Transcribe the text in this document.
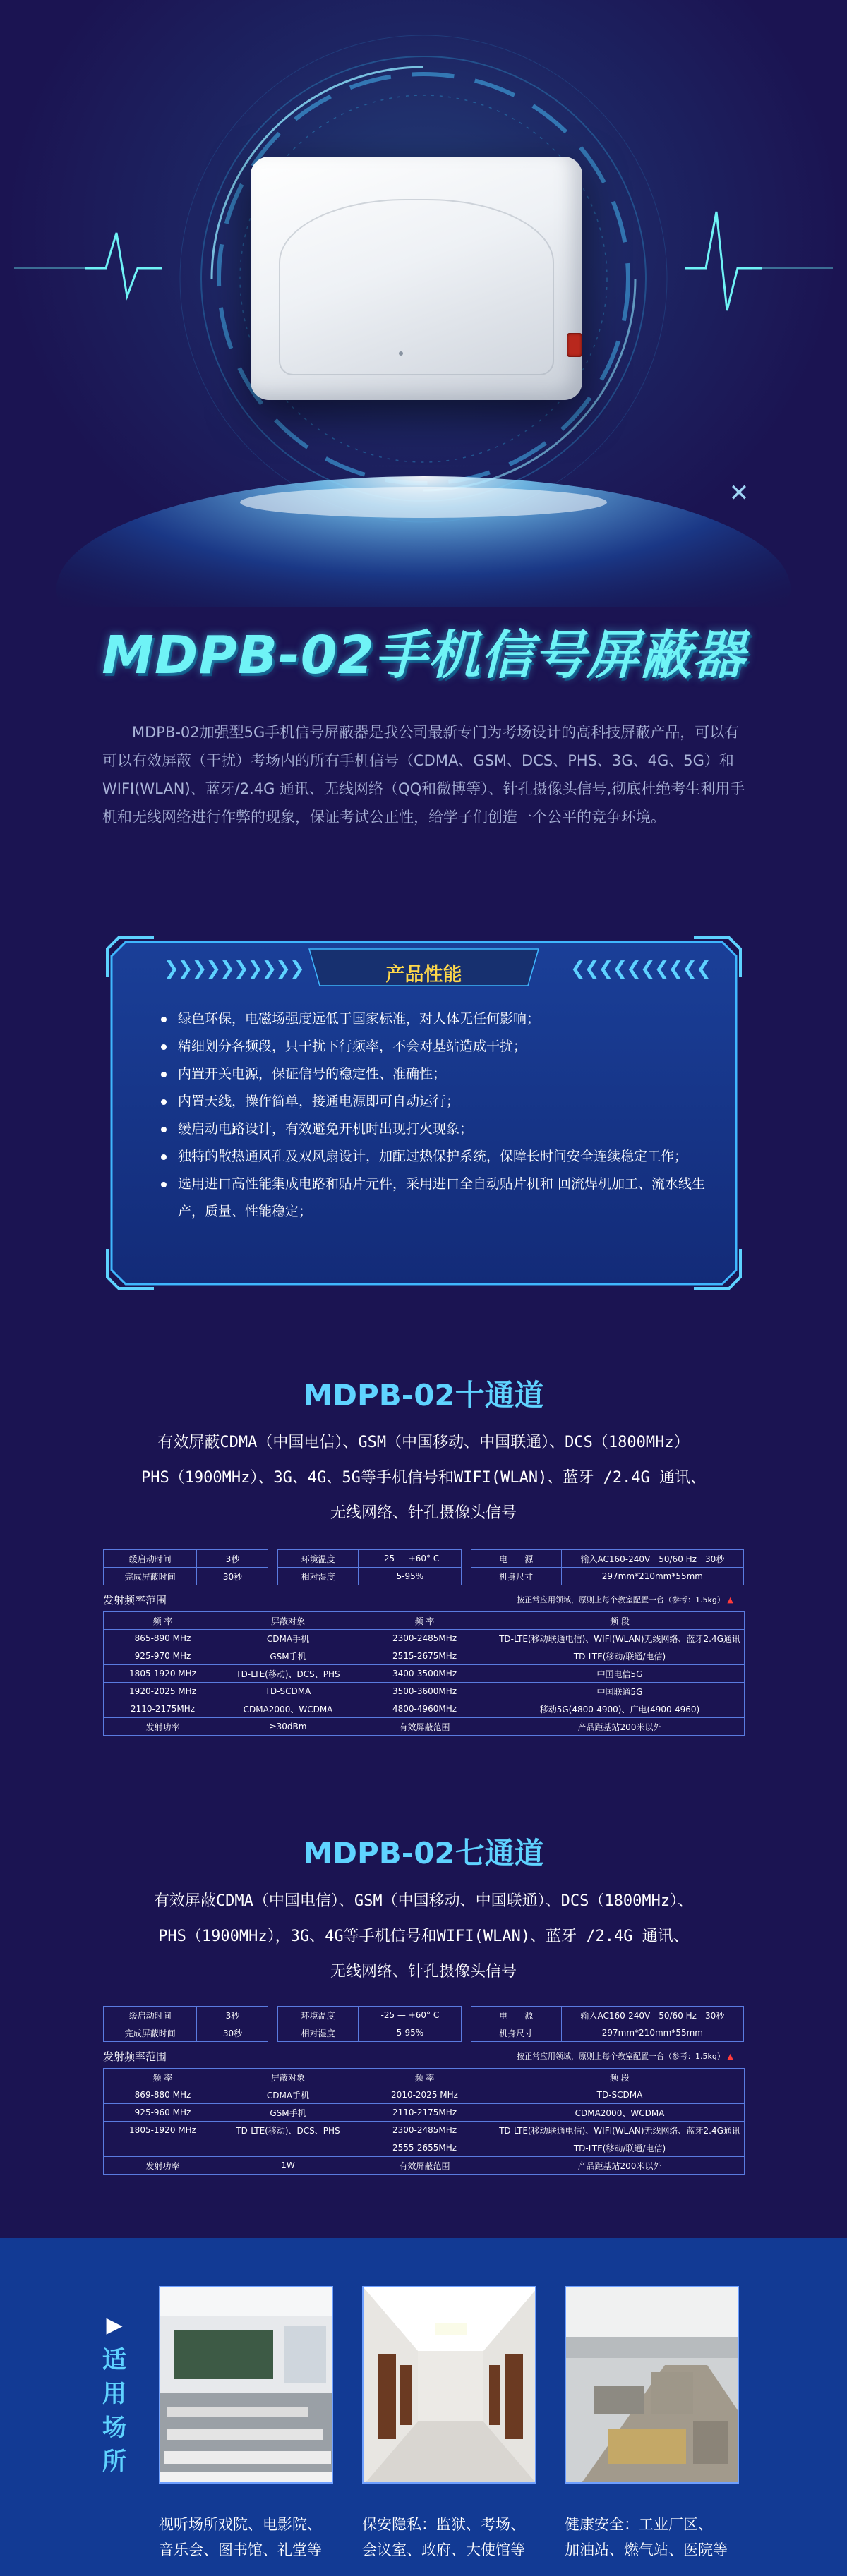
✕
MDPB-02手机信号屏蔽器

MDPB-02加强型5G手机信号屏蔽器是我公司最新专门为考场设计的高科技屏蔽产品，可以有可以有效屏蔽（干扰）考场内的所有手机信号（CDMA、GSM、DCS、PHS、3G、4G、5G）和WIFI(WLAN)、蓝牙/2.4G 通讯、无线网络（QQ和微博等）、针孔摄像头信号,彻底杜绝考生利用手机和无线网络进行作弊的现象，保证考试公正性，给学子们创造一个公平的竞争环境。

❯❯❯❯❯❯❯❯❯❯	❮❮❮❮❮❮❮❮❮❮
产品性能
绿色环保，电磁场强度远低于国家标准，对人体无任何影响；
精细划分各频段，只干扰下行频率，不会对基站造成干扰；
内置开关电源，保证信号的稳定性、准确性；
内置天线，操作简单，接通电源即可自动运行；
缓启动电路设计，有效避免开机时出现打火现象；
独特的散热通风孔及双风扇设计，加配过热保护系统，保障长时间安全连续稳定工作；
选用进口高性能集成电路和贴片元件，采用进口全自动贴片机和 回流焊机加工、流水线生产，质量、性能稳定；
MDPB-02十通道
有效屏蔽CDMA（中国电信）、GSM（中国移动、中国联通）、DCS（1800MHz）
PHS（1900MHz）、3G、4G、5G等手机信号和WIFI(WLAN)、蓝牙 /2.4G 通讯、
无线网络、针孔摄像头信号
缓启动时间	3秒		环境温度	-25 — +60° C		电　　源	输入AC160-240V　50/60 Hz　30秒
完成屏蔽时间	30秒		相对湿度	5-95%		机身尺寸	297mm*210mm*55mm
发射频率范围	按正常应用领域，原则上每个教室配置一台（参考：1.5kg） ▲
频 率	屏蔽对象	频 率	频 段
865-890 MHz	CDMA手机	2300-2485MHz	TD-LTE(移动联通电信)、WIFI(WLAN)无线网络、蓝牙2.4G通讯
925-970 MHz	GSM手机	2515-2675MHz	TD-LTE(移动/联通/电信)
1805-1920 MHz	TD-LTE(移动)、DCS、PHS	3400-3500MHz	中国电信5G
1920-2025 MHz	TD-SCDMA	3500-3600MHz	中国联通5G
2110-2175MHz	CDMA2000、WCDMA	4800-4960MHz	移动5G(4800-4900)、广电(4900-4960)
发射功率	≥30dBm	有效屏蔽范围	产品距基站200米以外
MDPB-02七通道
有效屏蔽CDMA（中国电信）、GSM（中国移动、中国联通）、DCS（1800MHz）、
PHS（1900MHz），3G、4G等手机信号和WIFI(WLAN)、蓝牙 /2.4G 通讯、
无线网络、针孔摄像头信号
缓启动时间	3秒		环境温度	-25 — +60° C		电　　源	输入AC160-240V　50/60 Hz　30秒
完成屏蔽时间	30秒		相对湿度	5-95%		机身尺寸	297mm*210mm*55mm
发射频率范围	按正常应用领域，原则上每个教室配置一台（参考：1.5kg） ▲
频 率	屏蔽对象	频 率	频 段
869-880 MHz	CDMA手机	2010-2025 MHz	TD-SCDMA
925-960 MHz	GSM手机	2110-2175MHz	CDMA2000、WCDMA
1805-1920 MHz	TD-LTE(移动)、DCS、PHS	2300-2485MHz	TD-LTE(移动联通电信)、WIFI(WLAN)无线网络、蓝牙2.4G通讯
		2555-2655MHz	TD-LTE(移动/联通/电信)
发射功率	1W	有效屏蔽范围	产品距基站200米以外
▶
适
用
场
所
视听场所戏院、电影院、
音乐会、图书馆、礼堂等
保安隐私：监狱、考场、
会议室、政府、大使馆等
健康安全：工业厂区、
加油站、燃气站、医院等
